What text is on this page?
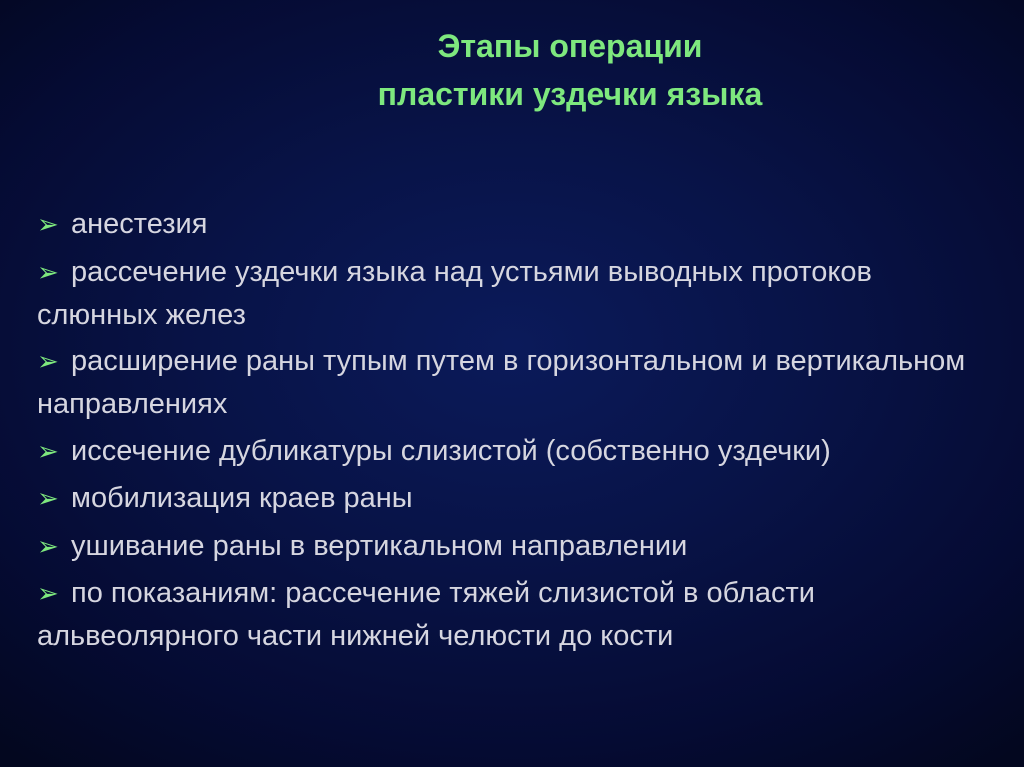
Этапы операции
пластики уздечки языка
➢ анестезия
➢ рассечение уздечки языка над устьями выводных протоков слюнных желез
➢ расширение раны тупым путем в горизонтальном и вертикальном направлениях
➢ иссечение дубликатуры слизистой (собственно уздечки)
➢ мобилизация краев раны
➢ ушивание раны в вертикальном направлении
➢ по показаниям: рассечение тяжей слизистой в области альвеолярного части нижней челюсти до кости
